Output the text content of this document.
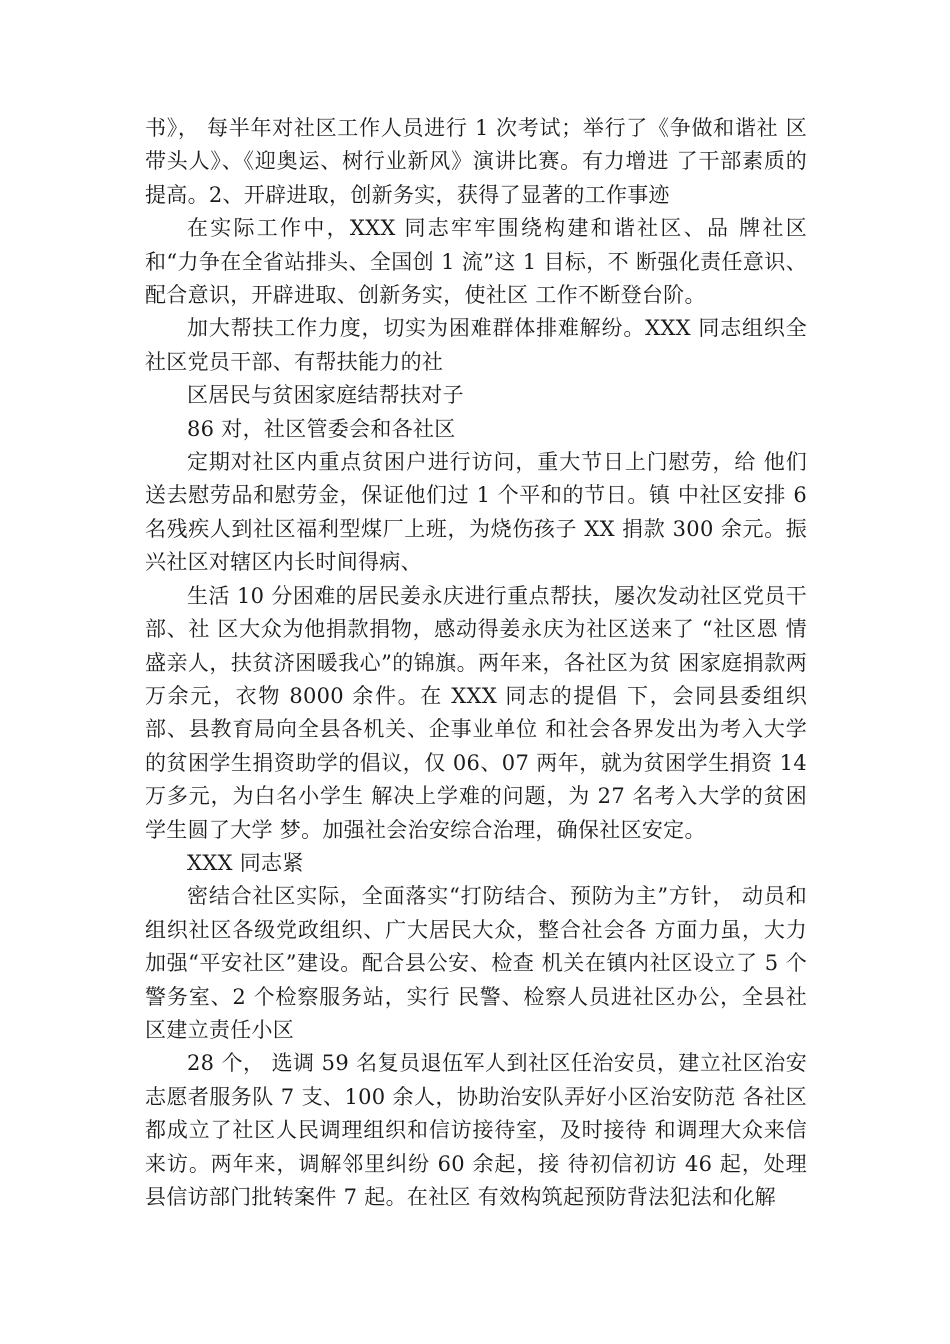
书》， 每半年对社区工作人员进行 1 次考试；举行了《争做和谐社 区带头人》、《迎奥运、树行业新风》演讲比赛。有力增进 了干部素质的提高。2、开辟进取，创新务实，获得了显著的工作事迹

在实际工作中，XXX 同志牢牢围绕构建和谐社区、品 牌社区和“力争在全省站排头、全国创 1 流”这 1 目标，不 断强化责任意识、配合意识，开辟进取、创新务实，使社区 工作不断登台阶。

加大帮扶工作力度，切实为困难群体排难解纷。XXX 同志组织全社区党员干部、有帮扶能力的社

区居民与贫困家庭结帮扶对子

86 对，社区管委会和各社区

定期对社区内重点贫困户进行访问，重大节日上门慰劳，给 他们送去慰劳品和慰劳金，保证他们过 1 个平和的节日。镇 中社区安排 6 名残疾人到社区福利型煤厂上班，为烧伤孩子 XX 捐款 300 余元。振兴社区对辖区内长时间得病、

生活 10 分困难的居民姜永庆进行重点帮扶，屡次发动社区党员干部、社 区大众为他捐款捐物，感动得姜永庆为社区送来了 “社区恩 情盛亲人，扶贫济困暖我心”的锦旗。两年来，各社区为贫 困家庭捐款两万余元，衣物 8000 余件。在 XXX 同志的提倡 下，会同县委组织部、县教育局向全县各机关、企事业单位 和社会各界发出为考入大学的贫困学生捐资助学的倡议，仅 06、07 两年，就为贫困学生捐资 14 万多元，为白名小学生 解决上学难的问题，为 27 名考入大学的贫困学生圆了大学 梦。加强社会治安综合治理，确保社区安定。

XXX 同志紧

密结合社区实际，全面落实“打防结合、预防为主”方针， 动员和组织社区各级党政组织、广大居民大众，整合社会各 方面力虽，大力加强“平安社区”建设。配合县公安、检查 机关在镇内社区设立了 5 个警务室、2 个检察服务站，实行 民警、检察人员进社区办公，全县社区建立责任小区

28 个， 选调 59 名复员退伍军人到社区任治安员，建立社区治安志愿者服务队 7 支、100 余人，协助治安队弄好小区治安防范 各社区都成立了社区人民调理组织和信访接待室，及时接待 和调理大众来信来访。两年来，调解邻里纠纷 60 余起，接 待初信初访 46 起，处理县信访部门批转案件 7 起。在社区 有效构筑起预防背法犯法和化解
